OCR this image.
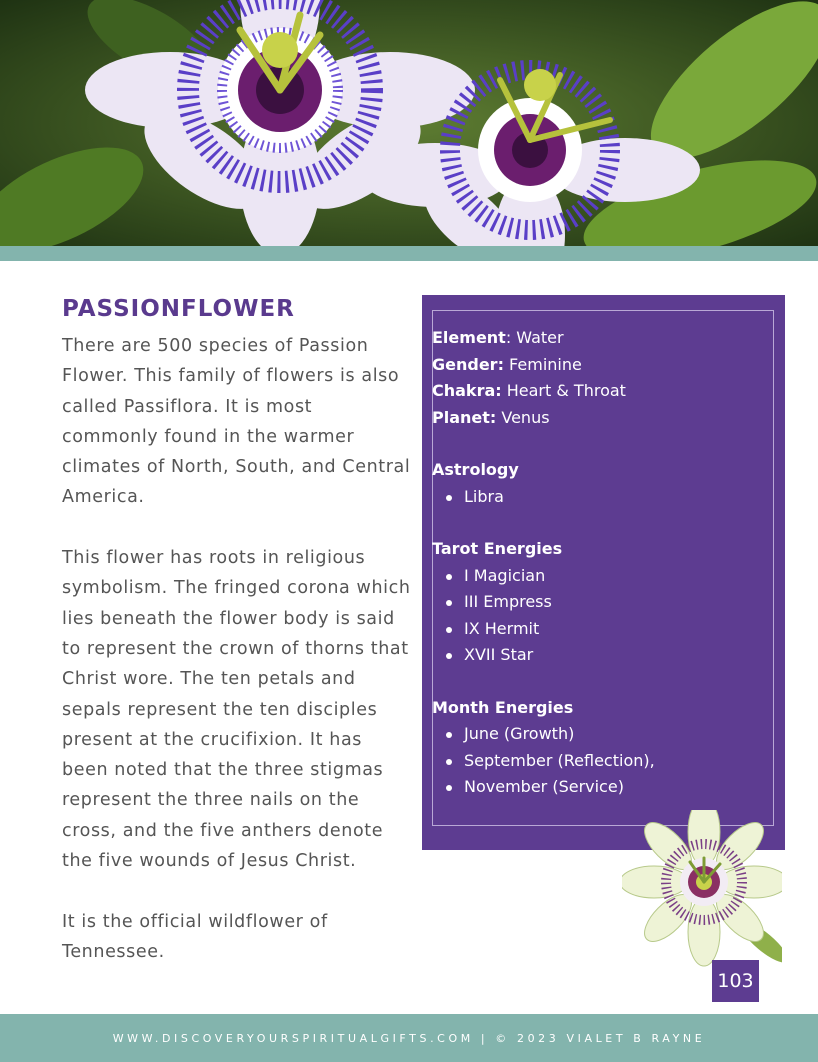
PASSIONFLOWER

There are 500 species of Passion Flower. This family of flowers is also called Passiflora. It is most commonly found in the warmer climates of North, South, and Central America.

This flower has roots in religious symbolism. The fringed corona which lies beneath the flower body is said to represent the crown of thorns that Christ wore. The ten petals and sepals represent the ten disciples present at the crucifixion. It has been noted that the three stigmas represent the three nails on the cross, and the five anthers denote the five wounds of Jesus Christ.

It is the official wildflower of Tennessee.

Element: Water
Gender: Feminine
Chakra: Heart & Throat
Planet: Venus
Astrology
Libra
Tarot Energies
I Magician
III Empress
IX Hermit
XVII Star
Month Energies
June (Growth)
September (Reflection),
November (Service)
103
WWW.DISCOVERYOURSPIRITUALGIFTS.COM | © 2023 VIALET B RAYNE
